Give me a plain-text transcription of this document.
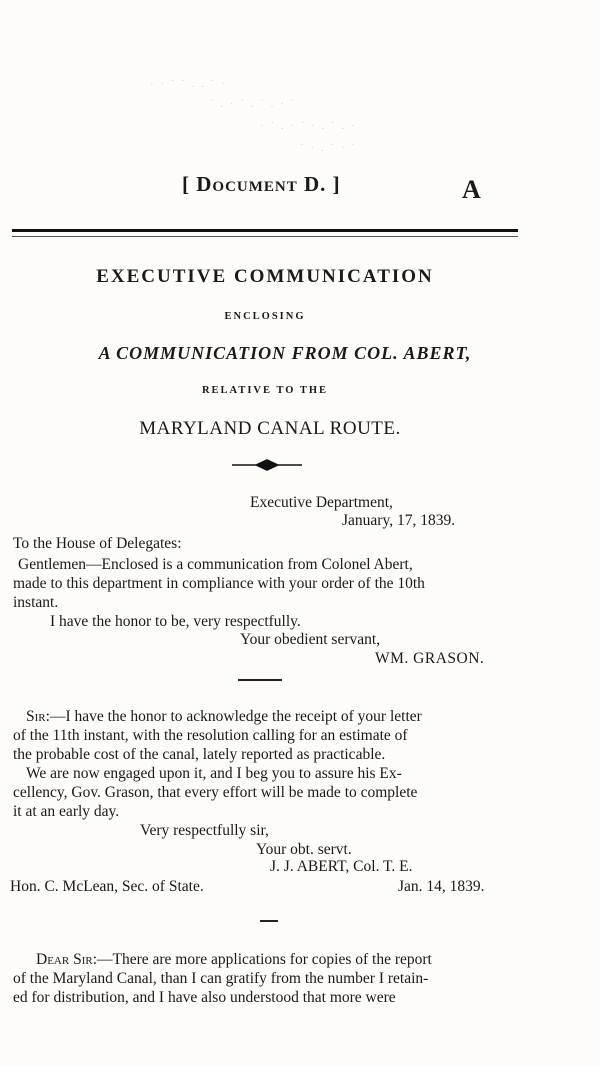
· · ˙ ˙ . . ˙ ·
˙ . · ˙ . ˙ . · ˙
· ˙ . · ˙ · . ˙ . ·
˙ · . ˙ · ˙
[ Document D. ]	A
EXECUTIVE COMMUNICATION
ENCLOSING
A COMMUNICATION FROM COL. ABERT,
RELATIVE TO THE
MARYLAND CANAL ROUTE.
Executive Department,
January, 17, 1839.
To the House of Delegates:
Gentlemen—Enclosed is a communication from Colonel Abert,
made to this department in compliance with your order of the 10th
instant.
I have the honor to be, very respectfully.
Your obedient servant,
WM. GRASON.
Sir:—I have the honor to acknowledge the receipt of your letter
of the 11th instant, with the resolution calling for an estimate of
the probable cost of the canal, lately reported as practicable.
We are now engaged upon it, and I beg you to assure his Ex-
cellency, Gov. Grason, that every effort will be made to complete
it at an early day.
Very respectfully sir,
Your obt. servt.
J. J. ABERT, Col. T. E.
Hon. C. McLean, Sec. of State.	Jan. 14, 1839.
Dear Sir:—There are more applications for copies of the report
of the Maryland Canal, than I can gratify from the number I retain-
ed for distribution, and I have also understood that more were
